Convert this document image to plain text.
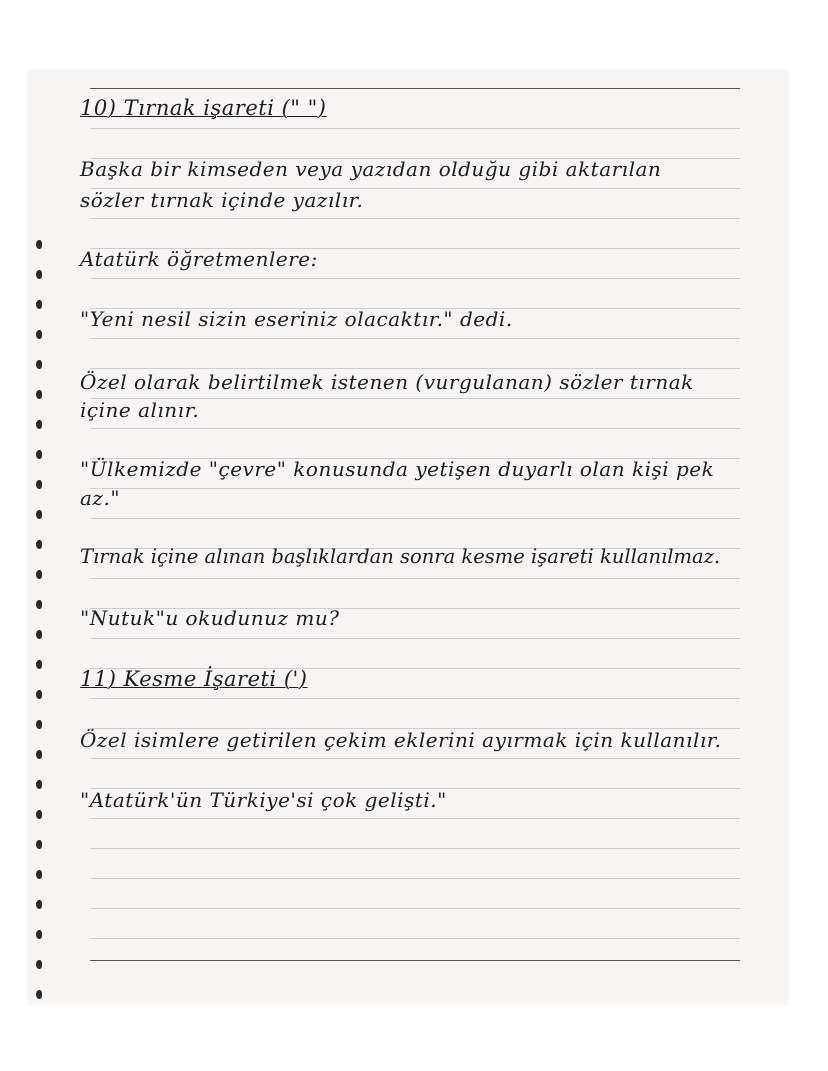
10) Tırnak işareti (" ")
Başka bir kimseden veya yazıdan olduğu gibi aktarılan
sözler tırnak içinde yazılır.
Atatürk öğretmenlere:
"Yeni nesil sizin eseriniz olacaktır." dedi.
Özel olarak belirtilmek istenen (vurgulanan) sözler tırnak
içine alınır.
"Ülkemizde "çevre" konusunda yetişen duyarlı olan kişi pek
az."
Tırnak içine alınan başlıklardan sonra kesme işareti kullanılmaz.
"Nutuk"u okudunuz mu?
11) Kesme İşareti (')
Özel isimlere getirilen çekim eklerini ayırmak için kullanılır.
"Atatürk'ün Türkiye'si çok gelişti."
